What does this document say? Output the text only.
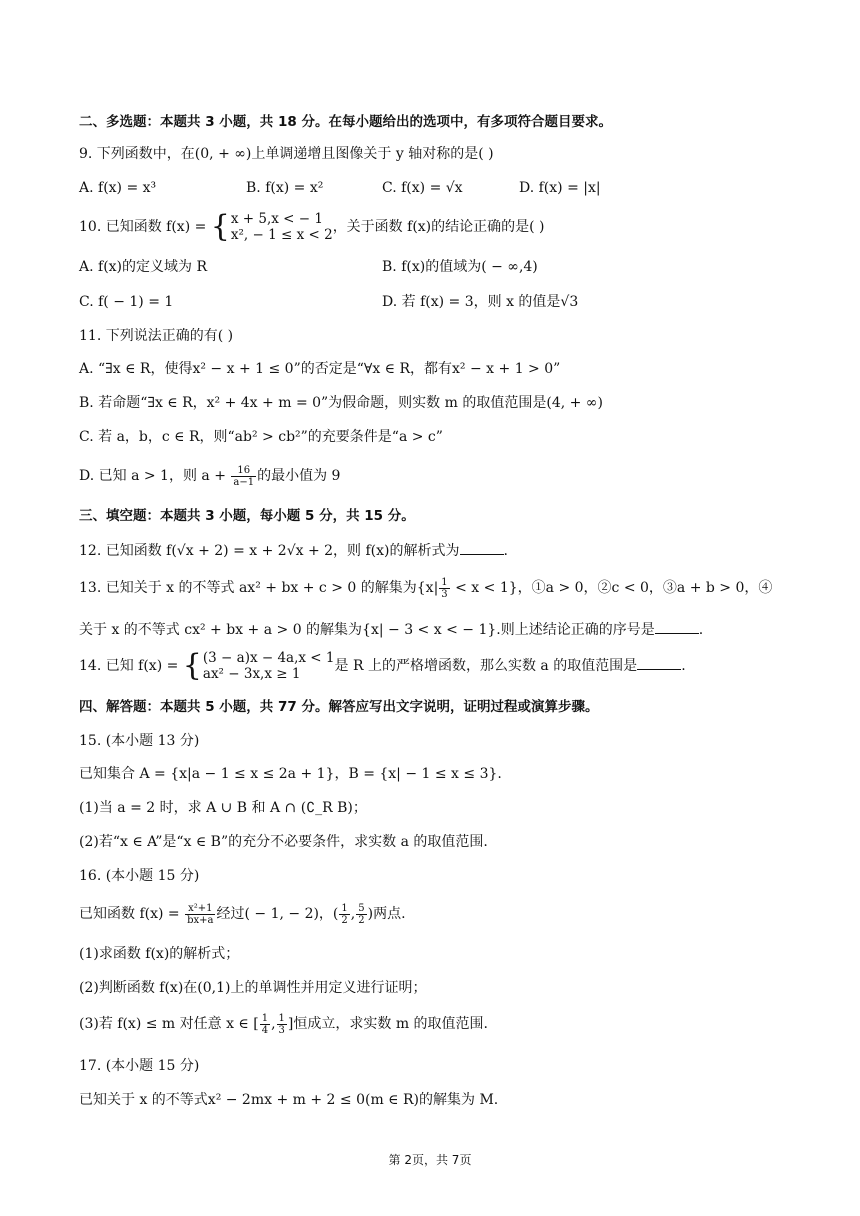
二、多选题：本题共 3 小题，共 18 分。在每小题给出的选项中，有多项符合题目要求。
9. 下列函数中，在(0, + ∞)上单调递增且图像关于 y 轴对称的是( )
A. f(x) = x³	B. f(x) = x²	C. f(x) = √x	D. f(x) = |x|
10. 已知函数 f(x) = { x + 5,x < − 1
x², − 1 ≤ x < 2 ，关于函数 f(x)的结论正确的是( )
A. f(x)的定义域为 R	B. f(x)的值域为( − ∞,4)
C. f( − 1) = 1	D. 若 f(x) = 3，则 x 的值是√3
11. 下列说法正确的有( )
A. “∃x ∈ R，使得x² − x + 1 ≤ 0”的否定是“∀x ∈ R，都有x² − x + 1 > 0”
B. 若命题“∃x ∈ R，x² + 4x + m = 0”为假命题，则实数 m 的取值范围是(4, + ∞)
C. 若 a，b，c ∈ R，则“ab² > cb²”的充要条件是“a > c”
D. 已知 a > 1，则 $a + \frac{16}{a-1}$ 的最小值为 9
三、填空题：本题共 3 小题，每小题 5 分，共 15 分。
12. 已知函数 f(√x + 2) = x + 2√x + 2，则 f(x)的解析式为	.
13. 已知关于 x 的不等式 ax² + bx + c > 0 的解集为$\{x| \frac{1}{3} < x < 1\}$，①a > 0，②c < 0，③a + b > 0，④
关于 x 的不等式 cx² + bx + a > 0 的解集为{x| − 3 < x < − 1}.则上述结论正确的序号是	.
14. 已知 f(x) = { (3 − a)x − 4a,x < 1
ax² − 3x,x ≥ 1	是 R 上的严格增函数，那么实数 a 的取值范围是	.
四、解答题：本题共 5 小题，共 77 分。解答应写出文字说明，证明过程或演算步骤。
15. (本小题 13 分)
已知集合 A = {x|a − 1 ≤ x ≤ 2a + 1}，B = {x| − 1 ≤ x ≤ 3}.
(1)当 a = 2 时，求 A ∪ B 和 A ∩ (∁_R B)；
(2)若“x ∈ A”是“x ∈ B”的充分不必要条件，求实数 a 的取值范围.
16. (本小题 15 分)
已知函数 $f(x) = \frac{\text{x²+1}}{bx+a}$ 经过( − 1, − 2)，( $\frac{1}{2}$ , $\frac{5}{2}$ )两点.
(1)求函数 f(x)的解析式；
(2)判断函数 f(x)在(0,1)上的单调性并用定义进行证明；
(3)若 f(x) ≤ m 对任意 x ∈ [ $\frac{1}{4}$ , $\frac{1}{3}$ ]恒成立，求实数 m 的取值范围.
17. (本小题 15 分)
已知关于 x 的不等式x² − 2mx + m + 2 ≤ 0(m ∈ R)的解集为 M.
第 2页，共 7页
